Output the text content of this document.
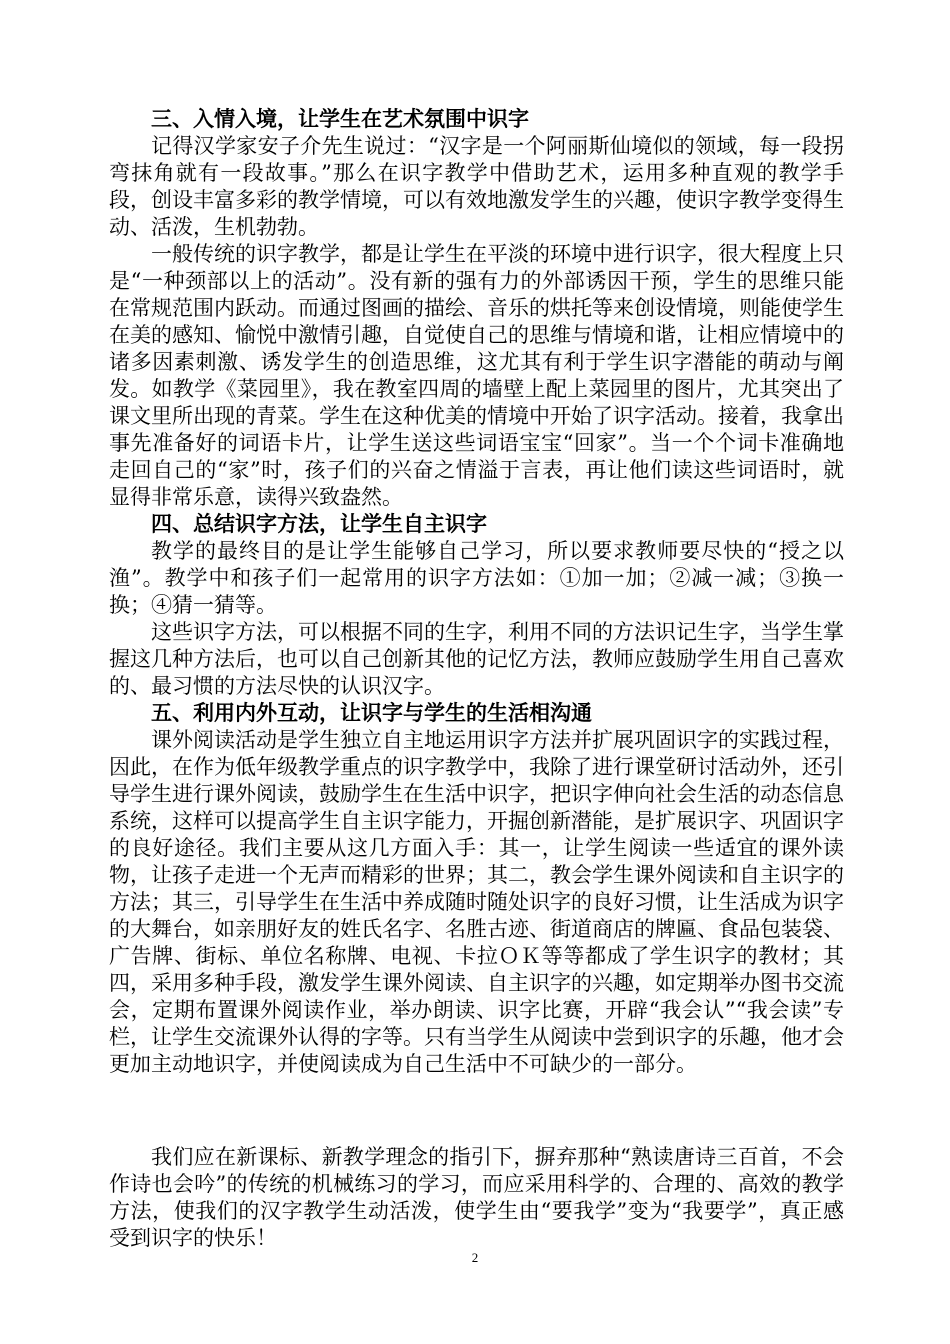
三、入情入境，让学生在艺术氛围中识字

记得汉学家安子介先生说过：“汉字是一个阿丽斯仙境似的领域，每一段拐弯抹角就有一段故事。”那么在识字教学中借助艺术，运用多种直观的教学手段，创设丰富多彩的教学情境，可以有效地激发学生的兴趣，使识字教学变得生动、活泼，生机勃勃。

一般传统的识字教学，都是让学生在平淡的环境中进行识字，很大程度上只是“一种颈部以上的活动”。没有新的强有力的外部诱因干预，学生的思维只能在常规范围内跃动。而通过图画的描绘、音乐的烘托等来创设情境，则能使学生在美的感知、愉悦中激情引趣，自觉使自己的思维与情境和谐，让相应情境中的诸多因素刺激、诱发学生的创造思维，这尤其有利于学生识字潜能的萌动与阐发。如教学《菜园里》，我在教室四周的墙壁上配上菜园里的图片，尤其突出了课文里所出现的青菜。学生在这种优美的情境中开始了识字活动。接着，我拿出事先准备好的词语卡片，让学生送这些词语宝宝“回家”。当一个个词卡准确地走回自己的“家”时，孩子们的兴奋之情溢于言表，再让他们读这些词语时，就显得非常乐意，读得兴致盎然。

四、总结识字方法，让学生自主识字

教学的最终目的是让学生能够自己学习，所以要求教师要尽快的“授之以渔”。教学中和孩子们一起常用的识字方法如：①加一加；②减一减；③换一换；④猜一猜等。

这些识字方法，可以根据不同的生字，利用不同的方法识记生字，当学生掌握这几种方法后，也可以自己创新其他的记忆方法，教师应鼓励学生用自己喜欢的、最习惯的方法尽快的认识汉字。

五、利用内外互动，让识字与学生的生活相沟通

课外阅读活动是学生独立自主地运用识字方法并扩展巩固识字的实践过程，因此，在作为低年级教学重点的识字教学中，我除了进行课堂研讨活动外，还引导学生进行课外阅读，鼓励学生在生活中识字，把识字伸向社会生活的动态信息系统，这样可以提高学生自主识字能力，开掘创新潜能，是扩展识字、巩固识字的良好途径。我们主要从这几方面入手：其一，让学生阅读一些适宜的课外读物，让孩子走进一个无声而精彩的世界；其二，教会学生课外阅读和自主识字的方法；其三，引导学生在生活中养成随时随处识字的良好习惯，让生活成为识字的大舞台，如亲朋好友的姓氏名字、名胜古迹、街道商店的牌匾、食品包装袋、广告牌、街标、单位名称牌、电视、卡拉ＯＫ等等都成了学生识字的教材；其四，采用多种手段，激发学生课外阅读、自主识字的兴趣，如定期举办图书交流会，定期布置课外阅读作业，举办朗读、识字比赛，开辟“我会认”“我会读”专栏，让学生交流课外认得的字等。只有当学生从阅读中尝到识字的乐趣，他才会更加主动地识字，并使阅读成为自己生活中不可缺少的一部分。

我们应在新课标、新教学理念的指引下，摒弃那种“熟读唐诗三百首，不会作诗也会吟”的传统的机械练习的学习，而应采用科学的、合理的、高效的教学方法，使我们的汉字教学生动活泼，使学生由“要我学”变为“我要学”，真正感受到识字的快乐！

2
